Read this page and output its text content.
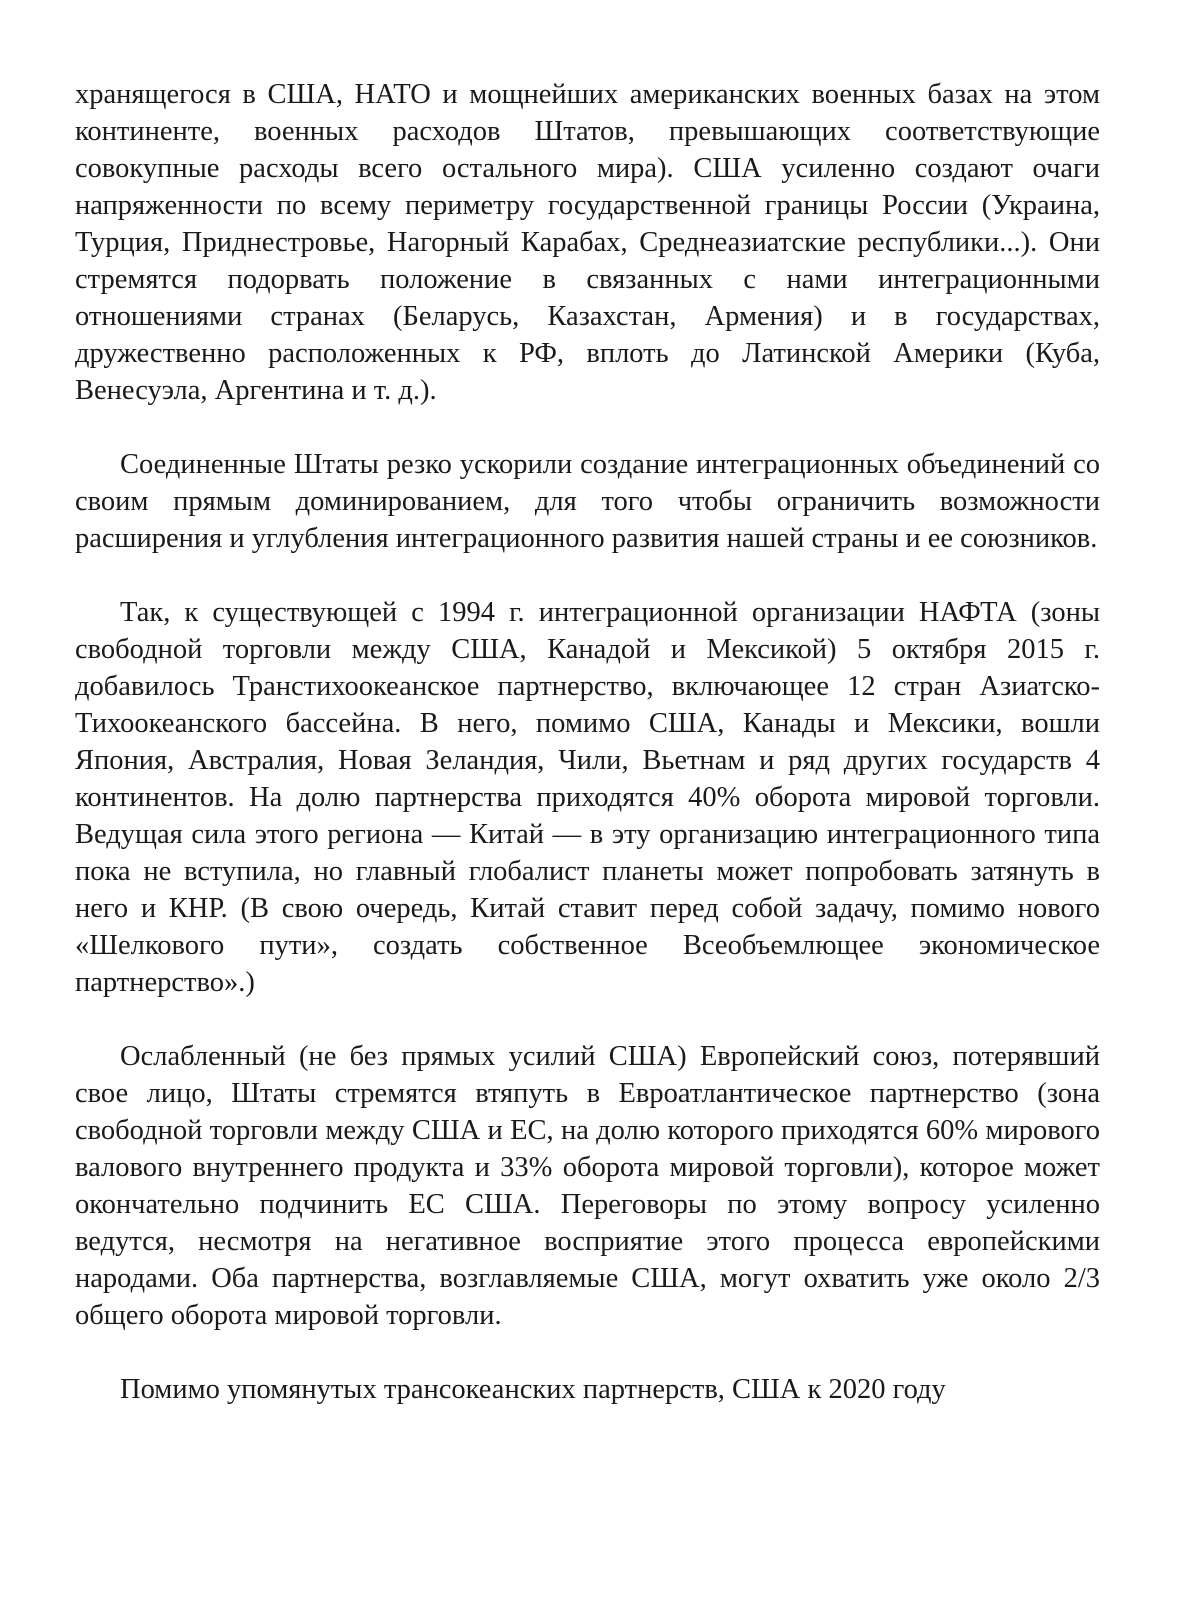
хранящегося в США, НАТО и мощнейших американских военных базах на этом континенте, военных расходов Штатов, превышающих соответствующие совокупные расходы всего остального мира). США усиленно создают очаги напряженности по всему периметру государственной границы России (Украина, Турция, Приднестровье, Нагорный Карабах, Среднеазиатские республики...). Они стремятся подорвать положение в связанных с нами интеграционными отношениями странах (Беларусь, Казахстан, Армения) и в государствах, дружественно расположенных к РФ, вплоть до Латинской Америки (Куба, Венесуэла, Аргентина и т. д.).

Соединенные Штаты резко ускорили создание интеграционных объединений со своим прямым доминированием, для того чтобы ограничить возможности расширения и углубления интеграционного развития нашей страны и ее союзников.

Так, к существующей с 1994 г. интеграционной организации НАФТА (зоны свободной торговли между США, Канадой и Мексикой) 5 октября 2015 г. добавилось Транстихоокеанское партнерство, включающее 12 стран Азиатско-Тихоокеанского бассейна. В него, помимо США, Канады и Мексики, вошли Япония, Австралия, Новая Зеландия, Чили, Вьетнам и ряд других государств 4 континентов. На долю партнерства приходятся 40% оборота мировой торговли. Ведущая сила этого региона — Китай — в эту организацию интеграционного типа пока не вступила, но главный глобалист планеты может попробовать затянуть в него и КНР. (В свою очередь, Китай ставит перед собой задачу, помимо нового «Шелкового пути», создать собственное Всеобъемлющее экономическое партнерство».)

Ослабленный (не без прямых усилий США) Европейский союз, потерявший свое лицо, Штаты стремятся втяпуть в Евроатлантическое партнерство (зона свободной торговли между США и ЕС, на долю которого приходятся 60% мирового валового внутреннего продукта и 33% оборота мировой торговли), которое может окончательно подчинить ЕС США. Переговоры по этому вопросу усиленно ведутся, несмотря на негативное восприятие этого процесса европейскими народами. Оба партнерства, возглавляемые США, могут охватить уже около 2/3 общего оборота мировой торговли.

Помимо упомянутых трансокеанских партнерств, США к 2020 году
